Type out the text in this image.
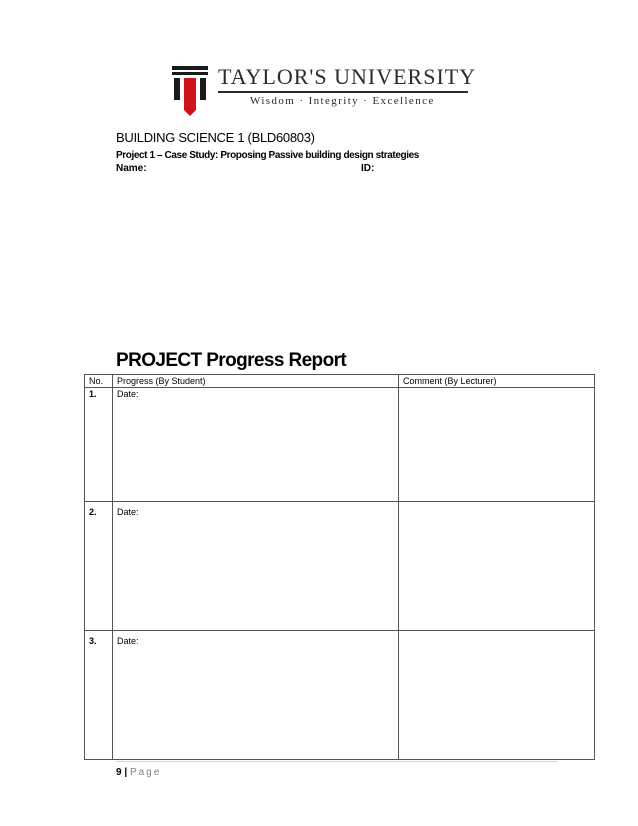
TAYLOR'S UNIVERSITY
Wisdom · Integrity · Excellence
BUILDING SCIENCE 1 (BLD60803)
Project 1 – Case Study: Proposing Passive building design strategies
Name:	ID:
PROJECT Progress Report
No.	Progress (By Student)	Comment (By Lecturer)
1.	Date:	
2.	Date:	
3.	Date:	
9 | Page
